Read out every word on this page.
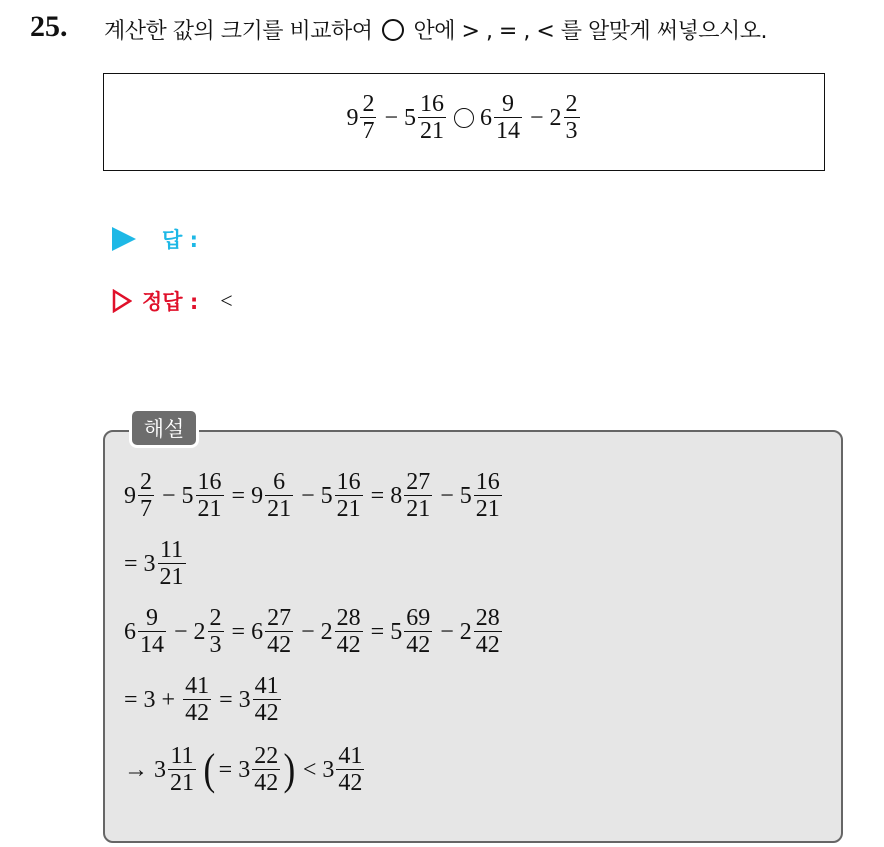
25. 계산한 값의 크기를 비교하여 안에 > , = , < 를 알맞게 써넣으시오.
$9 \frac{2}{7} - 5 \frac{16}{21} 6 \frac{9}{14} - 2 \frac{2}{3}$
답 :
정답 : <
해설
$9 \frac{2}{7} - 5 \frac{16}{21} = 9 \frac{6}{21} - 5 \frac{16}{21} = 8 \frac{27}{21} - 5 \frac{16}{21}$
= $3 \frac{11}{21}$
$6 \frac{9}{14} - 2 \frac{2}{3} = 6 \frac{27}{42} - 2 \frac{28}{42} = 5 \frac{69}{42} - 2 \frac{28}{42}$
= $3 + \frac{41}{42} = 3 \frac{41}{42}$
→ $3 \frac{11}{21}$ ( = $3 \frac{22}{42}$ ) < $3 \frac{41}{42}$
